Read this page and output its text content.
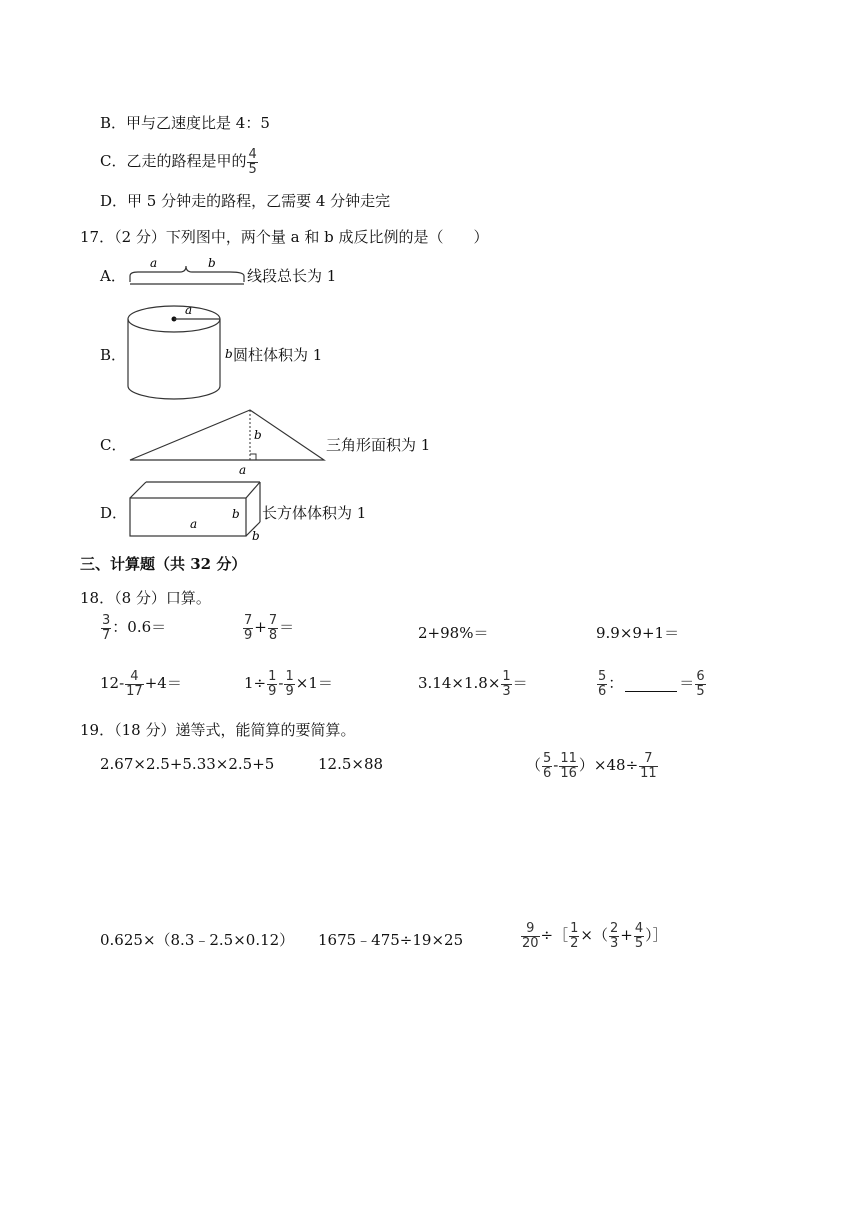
B．甲与乙速度比是 4：5
C．乙走的路程是甲的 $\frac{4}{5}$
D．甲 5 分钟走的路程，乙需要 4 分钟走完
17．（2 分）下列图中，两个量 a 和 b 成反比例的是（　　）
A．
a	b
线段总长为 1
B．
a
b 圆柱体积为 1
C．
b
a
三角形面积为 1
D．
a
b
b
长方体体积为 1
三、计算题（共 32 分）
18．（8 分）口算。
$\frac{3}{7}$ ：0.6＝	$\frac{7}{9} + \frac{7}{8}$ ＝	2+98%＝	9.9×9+1＝
$12- \frac{4}{17} +4=$	$1\div \frac{1}{9} - \frac{1}{9} \times 1=$	$3.14\times 1.8\times \frac{1}{3}$ ＝	$\frac{5}{6}$ ：	＝ $\frac{6}{5}$
19．（18 分）递等式，能简算的要简算。
2.67×2.5+5.33×2.5+5	12.5×88	（ $\frac{5}{6} - \frac{11}{16} )\times 48\div \frac{7}{11}$
0.625×（8.3﹣2.5×0.12） 1675﹣475÷19×25	$\frac{9}{20}$ ÷［ $\frac{1}{2}$ ×（ $\frac{2}{3} + \frac{4}{5}$ ）］
